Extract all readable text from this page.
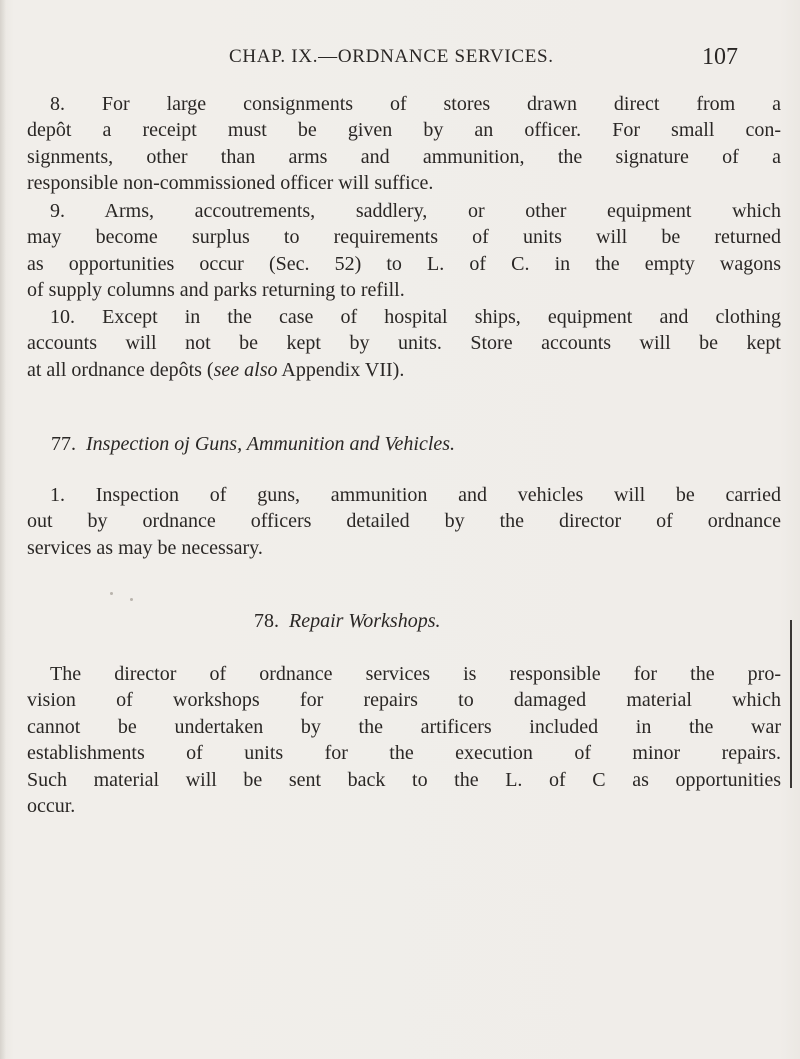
CHAP. IX.—ORDNANCE SERVICES.	107
8. For large consignments of stores drawn direct from a
depôt a receipt must be given by an officer. For small con-
signments, other than arms and ammunition, the signature of a
responsible non-commissioned officer will suffice.
9. Arms, accoutrements, saddlery, or other equipment which
may become surplus to requirements of units will be returned
as opportunities occur (Sec. 52) to L. of C. in the empty wagons
of supply columns and parks returning to refill.
10. Except in the case of hospital ships, equipment and clothing
accounts will not be kept by units. Store accounts will be kept
at all ordnance depôts (see also Appendix VII).
77. Inspection oj Guns, Ammunition and Vehicles.
1. Inspection of guns, ammunition and vehicles will be carried
out by ordnance officers detailed by the director of ordnance
services as may be necessary.
78. Repair Workshops.
The director of ordnance services is responsible for the pro-
vision of workshops for repairs to damaged material which
cannot be undertaken by the artificers included in the war
establishments of units for the execution of minor repairs.
Such material will be sent back to the L. of C as opportunities
occur.
